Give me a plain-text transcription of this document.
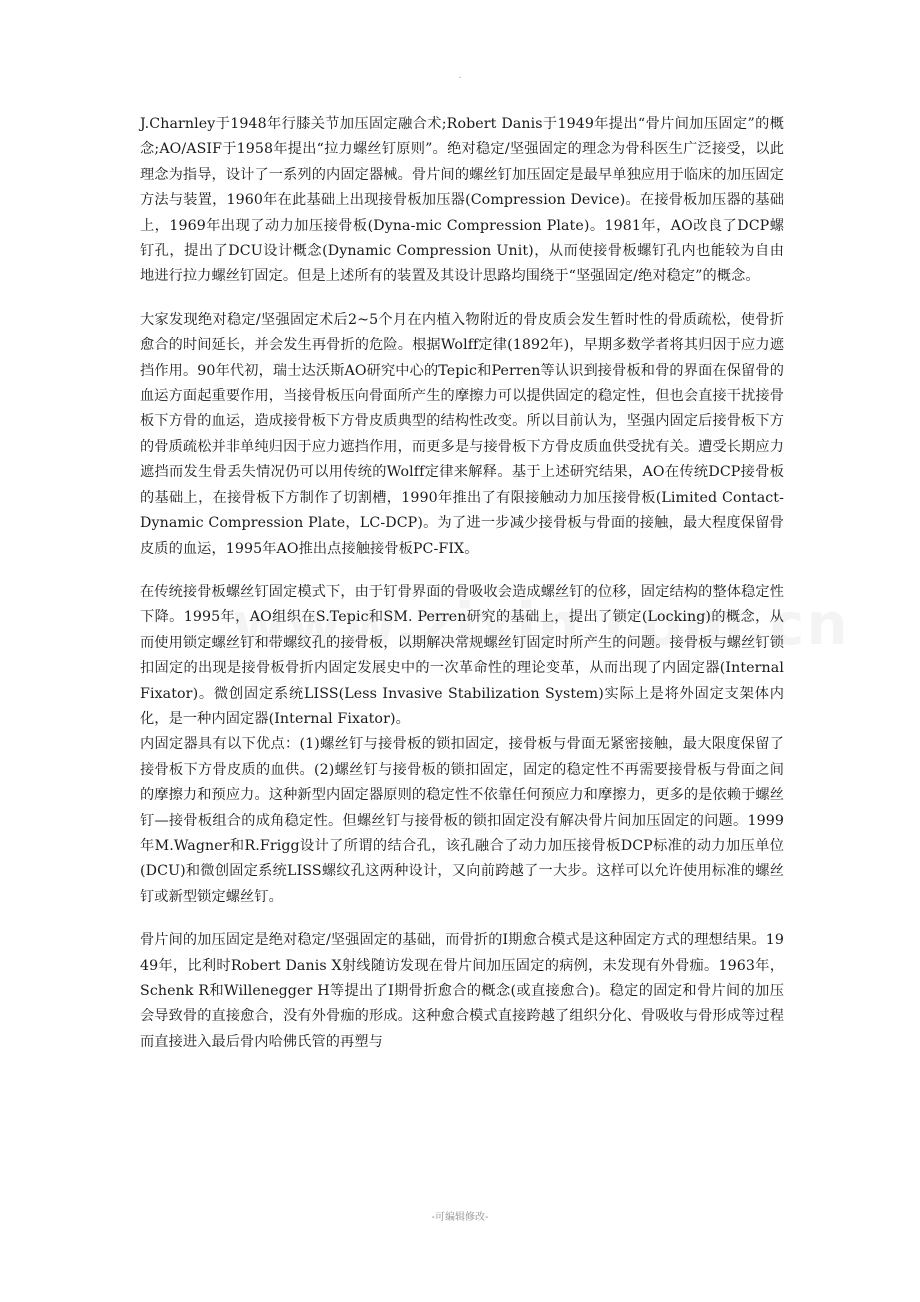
.

J.Charnley于1948年行膝关节加压固定融合术;Robert Danis于1949年提出“骨片间加压固定”的概念;AO/ASIF于1958年提出“拉力螺丝钉原则”。绝对稳定/坚强固定的理念为骨科医生广泛接受，以此理念为指导，设计了一系列的内固定器械。骨片间的螺丝钉加压固定是最早单独应用于临床的加压固定方法与装置，1960年在此基础上出现接骨板加压器(Compression Device)。在接骨板加压器的基础上，1969年出现了动力加压接骨板(Dyna-mic Compression Plate)。1981年，AO改良了DCP螺钉孔，提出了DCU设计概念(Dynamic Compression Unit)，从而使接骨板螺钉孔内也能较为自由地进行拉力螺丝钉固定。但是上述所有的装置及其设计思路均围绕于“坚强固定/绝对稳定”的概念。

大家发现绝对稳定/坚强固定术后2~5个月在内植入物附近的骨皮质会发生暂时性的骨质疏松，使骨折愈合的时间延长，并会发生再骨折的危险。根据Wolff定律(1892年)，早期多数学者将其归因于应力遮挡作用。90年代初，瑞士达沃斯AO研究中心的Tepic和Perren等认识到接骨板和骨的界面在保留骨的血运方面起重要作用，当接骨板压向骨面所产生的摩擦力可以提供固定的稳定性，但也会直接干扰接骨板下方骨的血运，造成接骨板下方骨皮质典型的结构性改变。所以目前认为，坚强内固定后接骨板下方的骨质疏松并非单纯归因于应力遮挡作用，而更多是与接骨板下方骨皮质血供受扰有关。遭受长期应力遮挡而发生骨丢失情况仍可以用传统的Wolff定律来解释。基于上述研究结果，AO在传统DCP接骨板的基础上，在接骨板下方制作了切割槽，1990年推出了有限接触动力加压接骨板(Limited Contact-Dynamic Compression Plate，LC-DCP)。为了进一步减少接骨板与骨面的接触，最大程度保留骨皮质的血运，1995年AO推出点接触接骨板PC-FIX。

在传统接骨板螺丝钉固定模式下，由于钉骨界面的骨吸收会造成螺丝钉的位移，固定结构的整体稳定性下降。1995年，AO组织在S.Tepic和SM. Perren研究的基础上，提出了锁定(Locking)的概念，从而使用锁定螺丝钉和带螺纹孔的接骨板，以期解决常规螺丝钉固定时所产生的问题。接骨板与螺丝钉锁扣固定的出现是接骨板骨折内固定发展史中的一次革命性的理论变革，从而出现了内固定器(Internal Fixator)。微创固定系统LISS(Less Invasive Stabilization System)实际上是将外固定支架体内化，是一种内固定器(Internal Fixator)。

内固定器具有以下优点：(1)螺丝钉与接骨板的锁扣固定，接骨板与骨面无紧密接触，最大限度保留了接骨板下方骨皮质的血供。(2)螺丝钉与接骨板的锁扣固定，固定的稳定性不再需要接骨板与骨面之间的摩擦力和预应力。这种新型内固定器原则的稳定性不依靠任何预应力和摩擦力，更多的是依赖于螺丝钉—接骨板组合的成角稳定性。但螺丝钉与接骨板的锁扣固定没有解决骨片间加压固定的问题。1999年M.Wagner和R.Frigg设计了所谓的结合孔，该孔融合了动力加压接骨板DCP标准的动力加压单位(DCU)和微创固定系统LISS螺纹孔这两种设计，又向前跨越了一大步。这样可以允许使用标准的螺丝钉或新型锁定螺丝钉。

骨片间的加压固定是绝对稳定/坚强固定的基础，而骨折的Ⅰ期愈合模式是这种固定方式的理想结果。1949年，比利时Robert Danis X射线随访发现在骨片间加压固定的病例，未发现有外骨痂。1963年，Schenk R和Willenegger H等提出了Ⅰ期骨折愈合的概念(或直接愈合)。稳定的固定和骨片间的加压会导致骨的直接愈合，没有外骨痂的形成。这种愈合模式直接跨越了组织分化、骨吸收与骨形成等过程而直接进入最后骨内哈佛氏管的再塑与

-可编辑修改-
